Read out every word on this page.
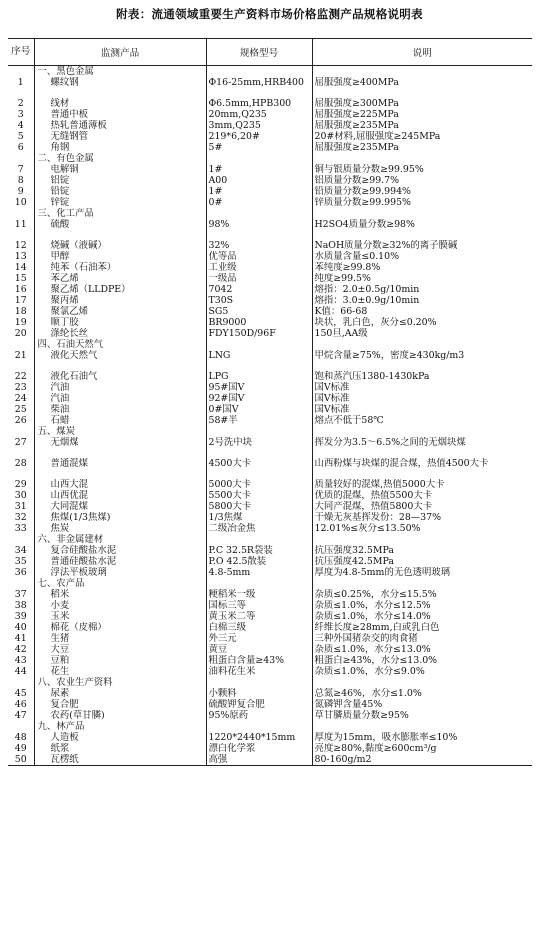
附表：流通领域重要生产资料市场价格监测产品规格说明表
序号	监测产品	规格型号	说明
	一、黑色金属		
1	螺纹钢	Φ16-25mm,HRB400	屈服强度≥400MPa
2	线材	Φ6.5mm,HPB300	屈服强度≥300MPa
3	普通中板	20mm,Q235	屈服强度≥225MPa
4	热轧普通薄板	3mm,Q235	屈服强度≥235MPa
5	无缝钢管	219*6,20#	20#材料,屈服强度≥245MPa
6	角钢	5#	屈服强度≥235MPa
	二、有色金属		
7	电解铜	1#	铜与银质量分数≥99.95%
8	铝锭	A00	铝质量分数≥99.7%
9	铅锭	1#	铅质量分数≥99.994%
10	锌锭	0#	锌质量分数≥99.995%
	三、化工产品		
11	硫酸	98%	H2SO4质量分数≥98%
12	烧碱（液碱）	32%	NaOH质量分数≥32%的离子膜碱
13	甲醇	优等品	水质量含量≤0.10%
14	纯苯（石油苯）	工业级	苯纯度≥99.8%
15	苯乙烯	一级品	纯度≥99.5%
16	聚乙烯（LLDPE）	7042	熔指：2.0±0.5g/10min
17	聚丙烯	T30S	熔指：3.0±0.9g/10min
18	聚氯乙烯	SG5	K值：66-68
19	顺丁胶	BR9000	块状，乳白色，灰分≤0.20%
20	涤纶长丝	FDY150D/96F	150旦,AA级
	四、石油天然气		
21	液化天然气	LNG	甲烷含量≥75%，密度≥430kg/m3
22	液化石油气	LPG	饱和蒸汽压1380-1430kPa
23	汽油	95#国Ⅴ	国Ⅴ标准
24	汽油	92#国Ⅴ	国Ⅴ标准
25	柴油	0#国Ⅴ	国Ⅴ标准
26	石蜡	58#半	熔点不低于58℃
	五、煤炭		
27	无烟煤	2号洗中块	挥发分为3.5～6.5%之间的无烟块煤
28	普通混煤	4500大卡	山西粉煤与块煤的混合煤，热值4500大卡
29	山西大混	5000大卡	质量较好的混煤,热值5000大卡
30	山西优混	5500大卡	优质的混煤，热值5500大卡
31	大同混煤	5800大卡	大同产混煤，热值5800大卡
32	焦煤(1/3焦煤)	1/3焦煤	干燥无灰基挥发份：28—37%
33	焦炭	二级冶金焦	12.01%≤灰分≤13.50%
	六、非金属建材		
34	复合硅酸盐水泥	P.C 32.5R袋装	抗压强度32.5MPa
35	普通硅酸盐水泥	P.O 42.5散装	抗压强度42.5MPa
36	浮法平板玻璃	4.8-5mm	厚度为4.8-5mm的无色透明玻璃
	七、农产品		
37	稻米	粳稻米一级	杂质≤0.25%，水分≤15.5%
38	小麦	国标三等	杂质≤1.0%，水分≤12.5%
39	玉米	黄玉米二等	杂质≤1.0%，水分≤14.0%
40	棉花（皮棉）	白棉三级	纤维长度≥28mm,白或乳白色
41	生猪	外三元	三种外国猪杂交的肉食猪
42	大豆	黄豆	杂质≤1.0%，水分≤13.0%
43	豆粕	粗蛋白含量≥43%	粗蛋白≥43%，水分≤13.0%
44	花生	油料花生米	杂质≤1.0%，水分≤9.0%
	八、农业生产资料		
45	尿素	小颗料	总氮≥46%，水分≤1.0%
46	复合肥	硫酸钾复合肥	氮磷钾含量45%
47	农药(草甘膦)	95%原药	草甘膦质量分数≥95%
	九、林产品		
48	人造板	1220*2440*15mm	厚度为15mm，吸水膨胀率≤10%
49	纸浆	漂白化学浆	亮度≥80%,黏度≥600cm³/g
50	瓦楞纸	高强	80-160g/m2
